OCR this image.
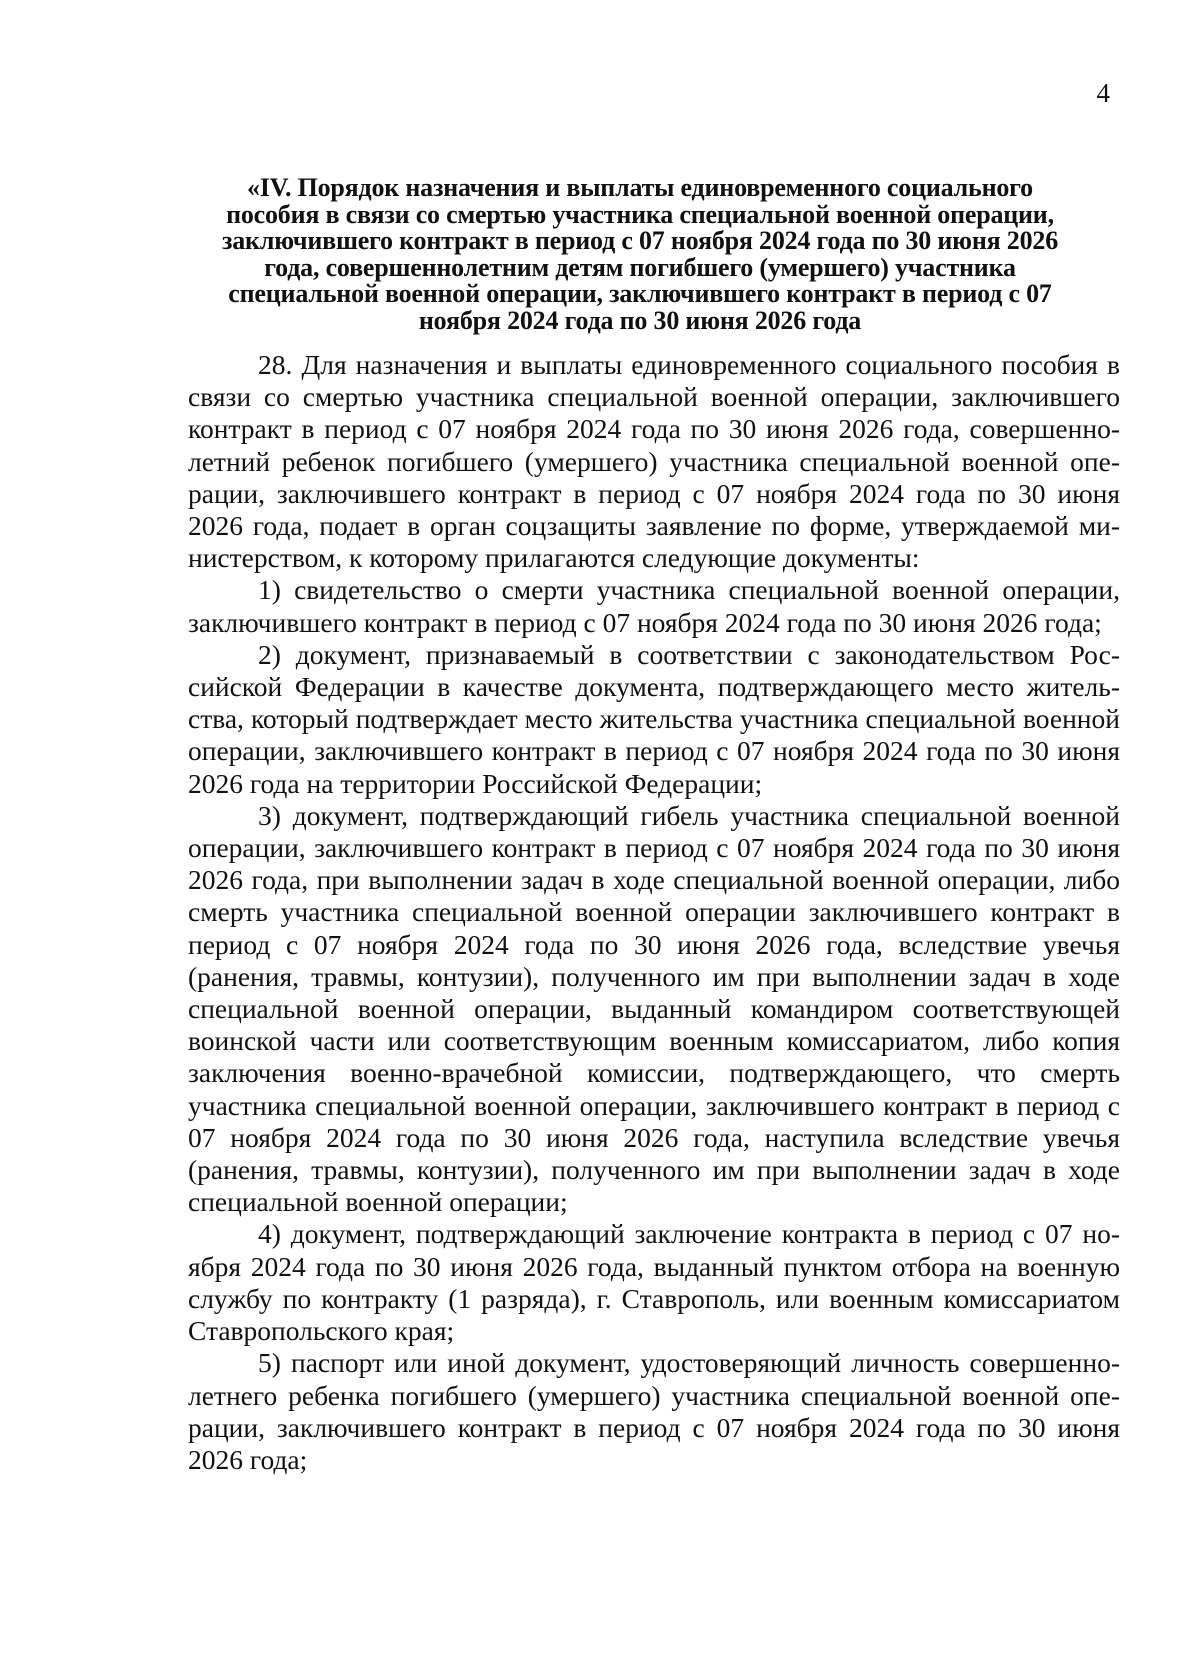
4
«IV. Порядок назначения и выплаты единовременного социального пособия в связи со смертью участника специальной военной операции, заключившего контракт в период с 07 ноября 2024 года по 30 июня 2026 года, совершеннолетним детям погибшего (умершего) участника специальной военной операции, заключившего контракт в период с 07 ноября 2024 года по 30 июня 2026 года

28. Для назначения и выплаты единовременного социального пособия в связи со смертью участника специальной военной операции, заключившего контракт в период с 07 ноября 2024 года по 30 июня 2026 года, совершеннолетний ребенок погибшего (умершего) участника специальной военной операции, заключившего контракт в период с 07 ноября 2024 года по 30 июня 2026 года, подает в орган соцзащиты заявление по форме, утверждаемой министерством, к которому прилагаются следующие документы:

1) свидетельство о смерти участника специальной военной операции, заключившего контракт в период с 07 ноября 2024 года по 30 июня 2026 года;

2) документ, признаваемый в соответствии с законодательством Российской Федерации в качестве документа, подтверждающего место жительства, который подтверждает место жительства участника специальной военной операции, заключившего контракт в период с 07 ноября 2024 года по 30 июня 2026 года на территории Российской Федерации;

3) документ, подтверждающий гибель участника специальной военной операции, заключившего контракт в период с 07 ноября 2024 года по 30 июня 2026 года, при выполнении задач в ходе специальной военной операции, либо смерть участника специальной военной операции заключившего контракт в период с 07 ноября 2024 года по 30 июня 2026 года, вследствие увечья (ранения, травмы, контузии), полученного им при выполнении задач в ходе специальной военной операции, выданный командиром соответствующей воинской части или соответствующим военным комиссариатом, либо копия заключения военно-врачебной комиссии, подтверждающего, что смерть участника специальной военной операции, заключившего контракт в период с 07 ноября 2024 года по 30 июня 2026 года, наступила вследствие увечья (ранения, травмы, контузии), полученного им при выполнении задач в ходе специальной военной операции;

4) документ, подтверждающий заключение контракта в период с 07 ноября 2024 года по 30 июня 2026 года, выданный пунктом отбора на военную службу по контракту (1 разряда), г. Ставрополь, или военным комиссариатом Ставропольского края;

5) паспорт или иной документ, удостоверяющий личность совершеннолетнего ребенка погибшего (умершего) участника специальной военной операции, заключившего контракт в период с 07 ноября 2024 года по 30 июня 2026 года;
